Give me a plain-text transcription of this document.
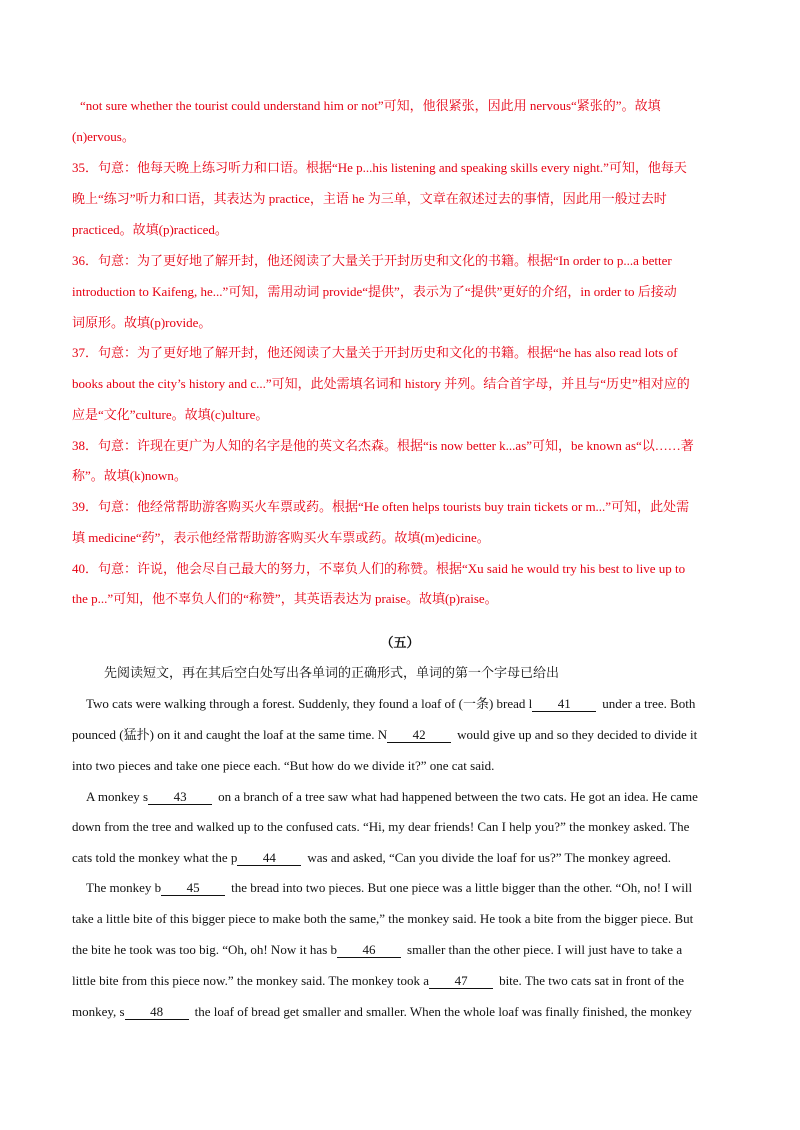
“not sure whether the tourist could understand him or not”可知，他很紧张，因此用 nervous“紧张的”。故填
(n)ervous。
35．句意：他每天晚上练习听力和口语。根据“He p...his listening and speaking skills every night.”可知，他每天
晚上“练习”听力和口语，其表达为 practice，主语 he 为三单，文章在叙述过去的事情，因此用一般过去时
practiced。故填(p)racticed。
36．句意：为了更好地了解开封，他还阅读了大量关于开封历史和文化的书籍。根据“In order to p...a better
introduction to Kaifeng, he...”可知，需用动词 provide“提供”，表示为了“提供”更好的介绍，in order to 后接动
词原形。故填(p)rovide。
37．句意：为了更好地了解开封，他还阅读了大量关于开封历史和文化的书籍。根据“he has also read lots of
books about the city’s history and c...”可知，此处需填名词和 history 并列。结合首字母，并且与“历史”相对应的
应是“文化”culture。故填(c)ulture。
38．句意：许现在更广为人知的名字是他的英文名杰森。根据“is now better k...as”可知，be known as“以……著
称”。故填(k)nown。
39．句意：他经常帮助游客购买火车票或药。根据“He often helps tourists buy train tickets or m...”可知，此处需
填 medicine“药”，表示他经常帮助游客购买火车票或药。故填(m)edicine。
40．句意：许说，他会尽自己最大的努力，不辜负人们的称赞。根据“Xu said he would try his best to live up to
the p...”可知，他不辜负人们的“称赞”，其英语表达为 praise。故填(p)raise。
（五）
先阅读短文，再在其后空白处写出各单词的正确形式，单词的第一个字母已给出
Two cats were walking through a forest. Suddenly, they found a loaf of (一条) bread l 41 under a tree. Both
pounced (猛扑) on it and caught the loaf at the same time. N 42 would give up and so they decided to divide it
into two pieces and take one piece each. “But how do we divide it?” one cat said.
A monkey s 43 on a branch of a tree saw what had happened between the two cats. He got an idea. He came
down from the tree and walked up to the confused cats. “Hi, my dear friends! Can I help you?” the monkey asked. The
cats told the monkey what the p 44 was and asked, “Can you divide the loaf for us?” The monkey agreed.
The monkey b 45 the bread into two pieces. But one piece was a little bigger than the other. “Oh, no! I will
take a little bite of this bigger piece to make both the same,” the monkey said. He took a bite from the bigger piece. But
the bite he took was too big. “Oh, oh! Now it has b 46 smaller than the other piece. I will just have to take a
little bite from this piece now.” the monkey said. The monkey took a 47 bite. The two cats sat in front of the
monkey, s 48 the loaf of bread get smaller and smaller. When the whole loaf was finally finished, the monkey
